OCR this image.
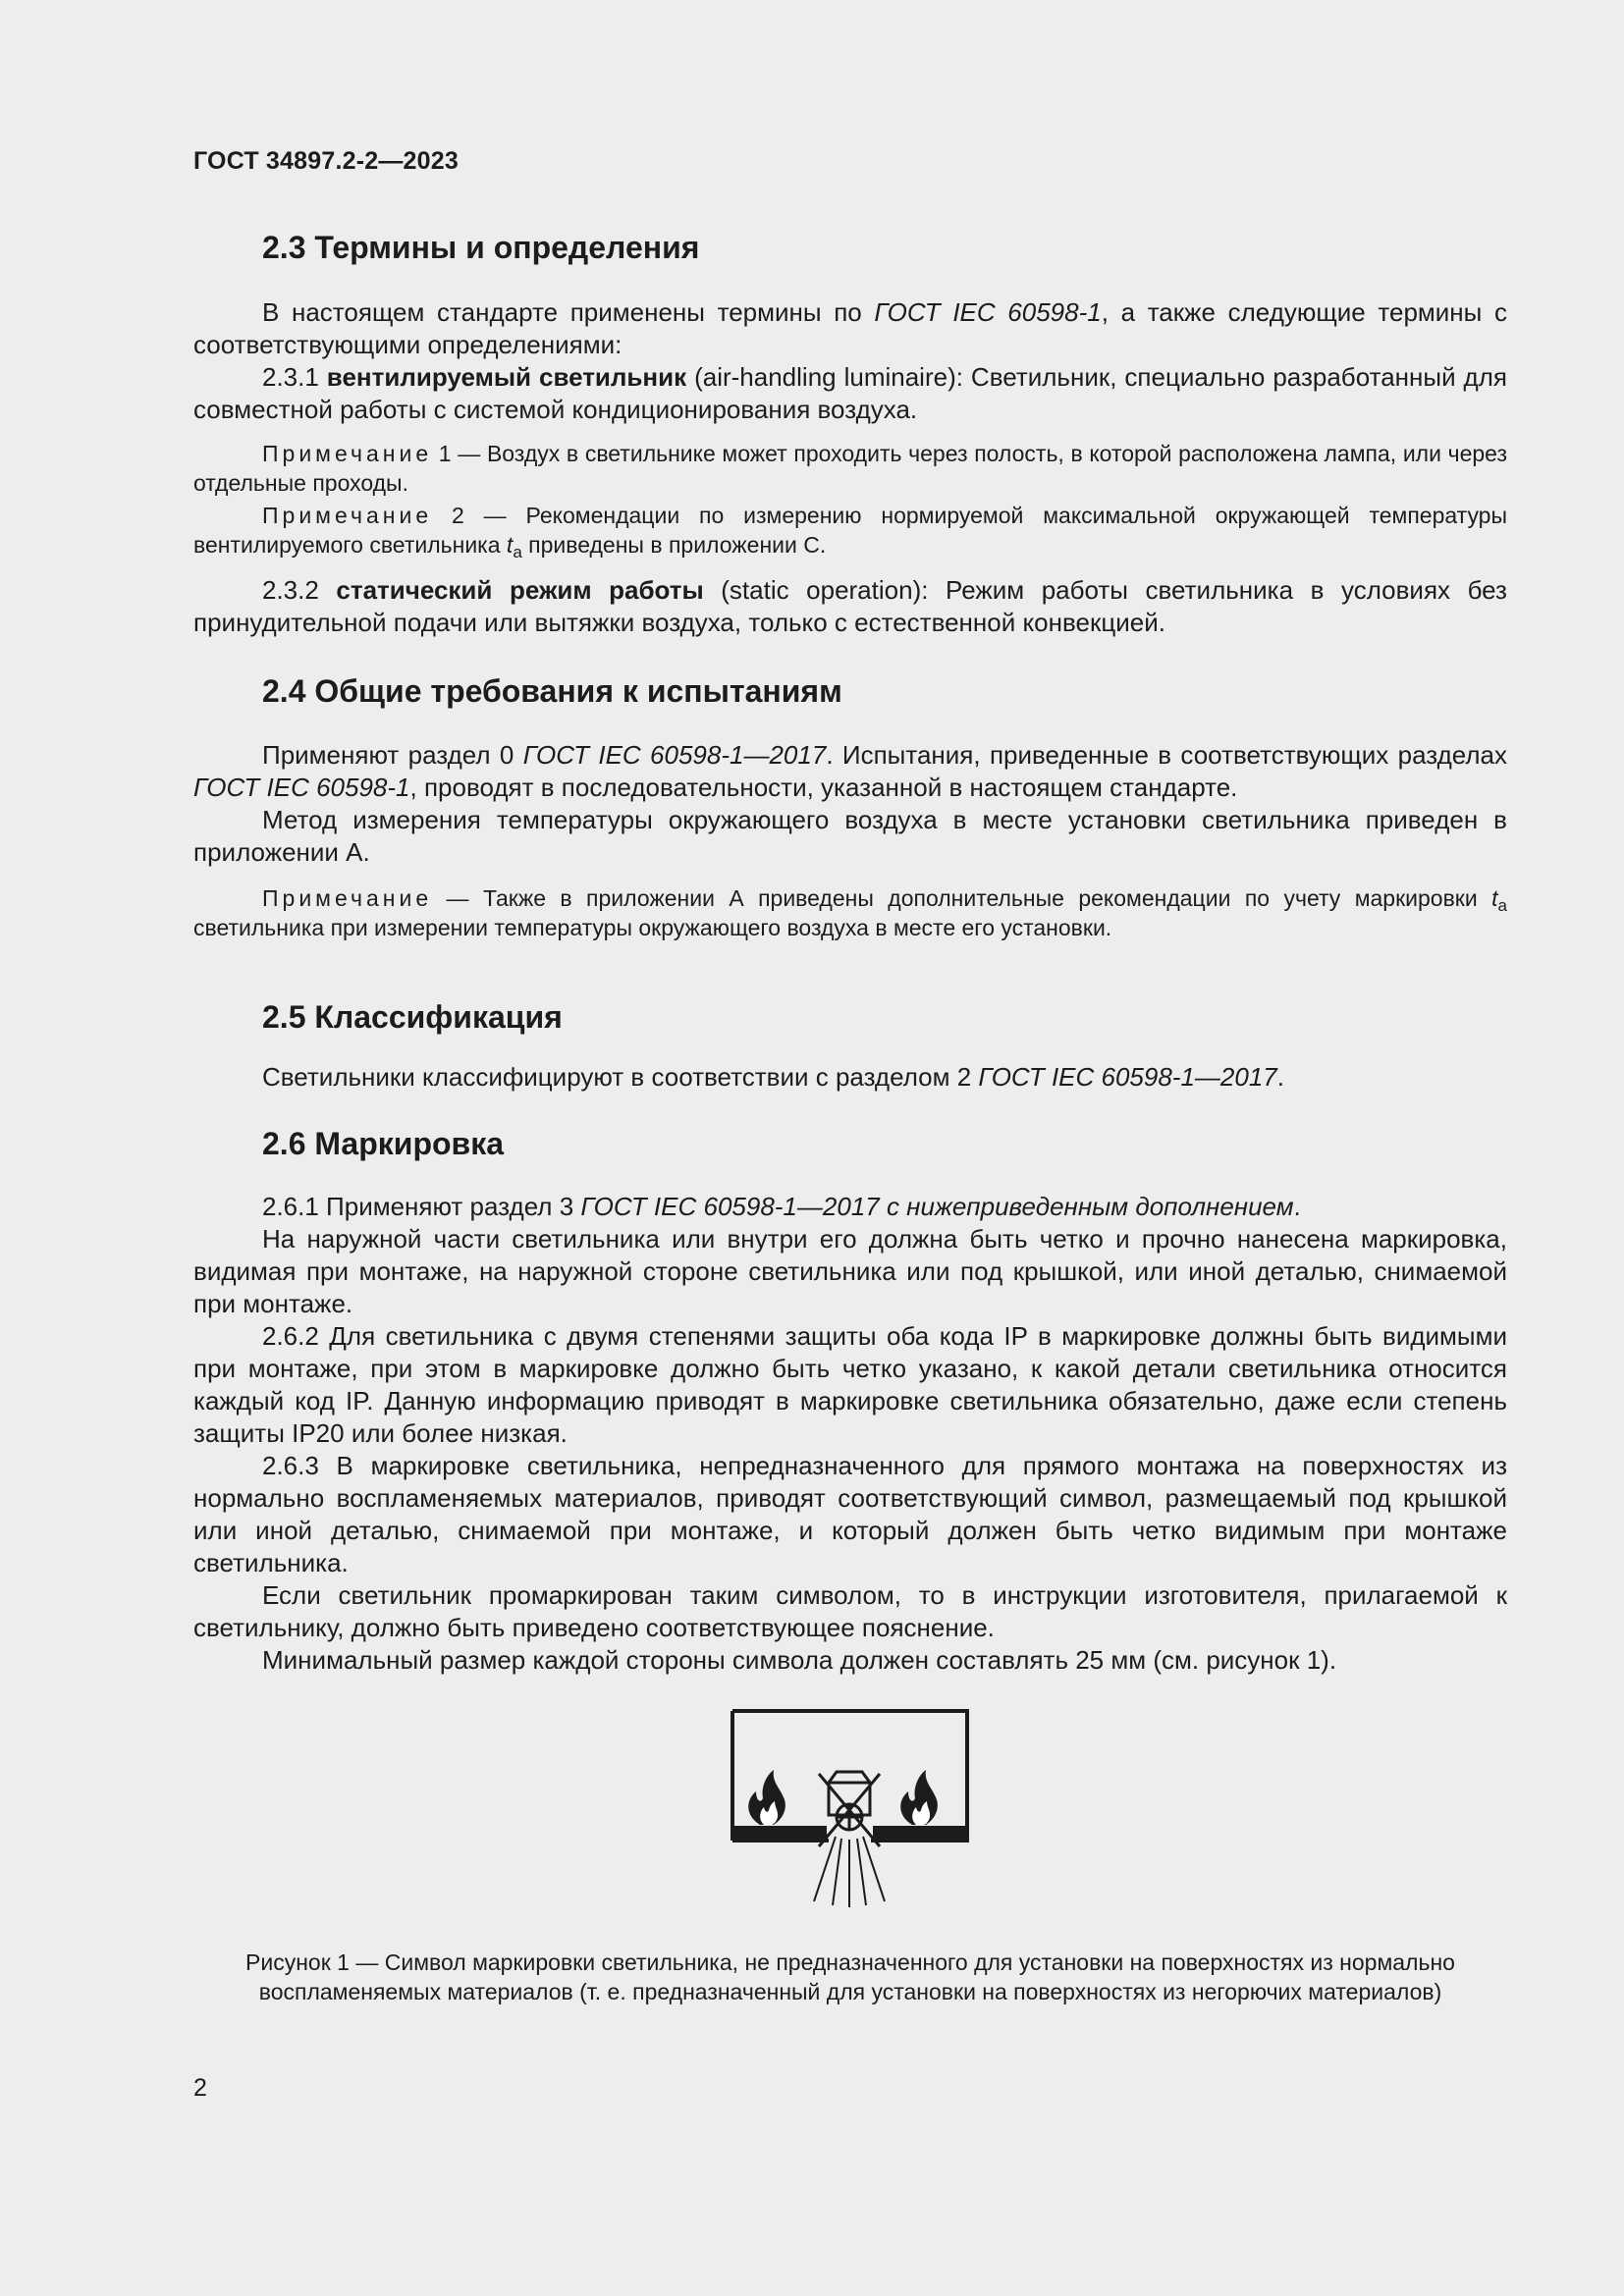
ГОСТ 34897.2-2—2023
2.3 Термины и определения

В настоящем стандарте применены термины по ГОСТ IEC 60598-1, а также следующие термины с соответствующими определениями:

2.3.1 вентилируемый светильник (air-handling luminaire): Светильник, специально разработанный для совместной работы с системой кондиционирования воздуха.

Примечание 1 — Воздух в светильнике может проходить через полость, в которой расположена лампа, или через отдельные проходы.

Примечание 2 — Рекомендации по измерению нормируемой максимальной окружающей температуры вентилируемого светильника $t_a$ приведены в приложении С.

2.3.2 статический режим работы (static operation): Режим работы светильника в условиях без принудительной подачи или вытяжки воздуха, только с естественной конвекцией.

2.4 Общие требования к испытаниям

Применяют раздел 0 ГОСТ IEC 60598-1—2017. Испытания, приведенные в соответствующих разделах ГОСТ IEC 60598-1, проводят в последовательности, указанной в настоящем стандарте.

Метод измерения температуры окружающего воздуха в месте установки светильника приведен в приложении А.

Примечание — Также в приложении А приведены дополнительные рекомендации по учету маркировки $t_a$ светильника при измерении температуры окружающего воздуха в месте его установки.

2.5 Классификация

Светильники классифицируют в соответствии с разделом 2 ГОСТ IEC 60598-1—2017.

2.6 Маркировка

2.6.1 Применяют раздел 3 ГОСТ IEC 60598-1—2017 с нижеприведенным дополнением.

На наружной части светильника или внутри его должна быть четко и прочно нанесена маркировка, видимая при монтаже, на наружной стороне светильника или под крышкой, или иной деталью, снимаемой при монтаже.

2.6.2 Для светильника с двумя степенями защиты оба кода IP в маркировке должны быть видимыми при монтаже, при этом в маркировке должно быть четко указано, к какой детали светильника относится каждый код IP. Данную информацию приводят в маркировке светильника обязательно, даже если степень защиты IP20 или более низкая.

2.6.3 В маркировке светильника, непредназначенного для прямого монтажа на поверхностях из нормально воспламеняемых материалов, приводят соответствующий символ, размещаемый под крышкой или иной деталью, снимаемой при монтаже, и который должен быть четко видимым при монтаже светильника.

Если светильник промаркирован таким символом, то в инструкции изготовителя, прилагаемой к светильнику, должно быть приведено соответствующее пояснение.

Минимальный размер каждой стороны символа должен составлять 25 мм (см. рисунок 1).

Рисунок 1 — Символ маркировки светильника, не предназначенного для установки на поверхностях из нормально воспламеняемых материалов (т. е. предназначенный для установки на поверхностях из негорючих материалов)
2
